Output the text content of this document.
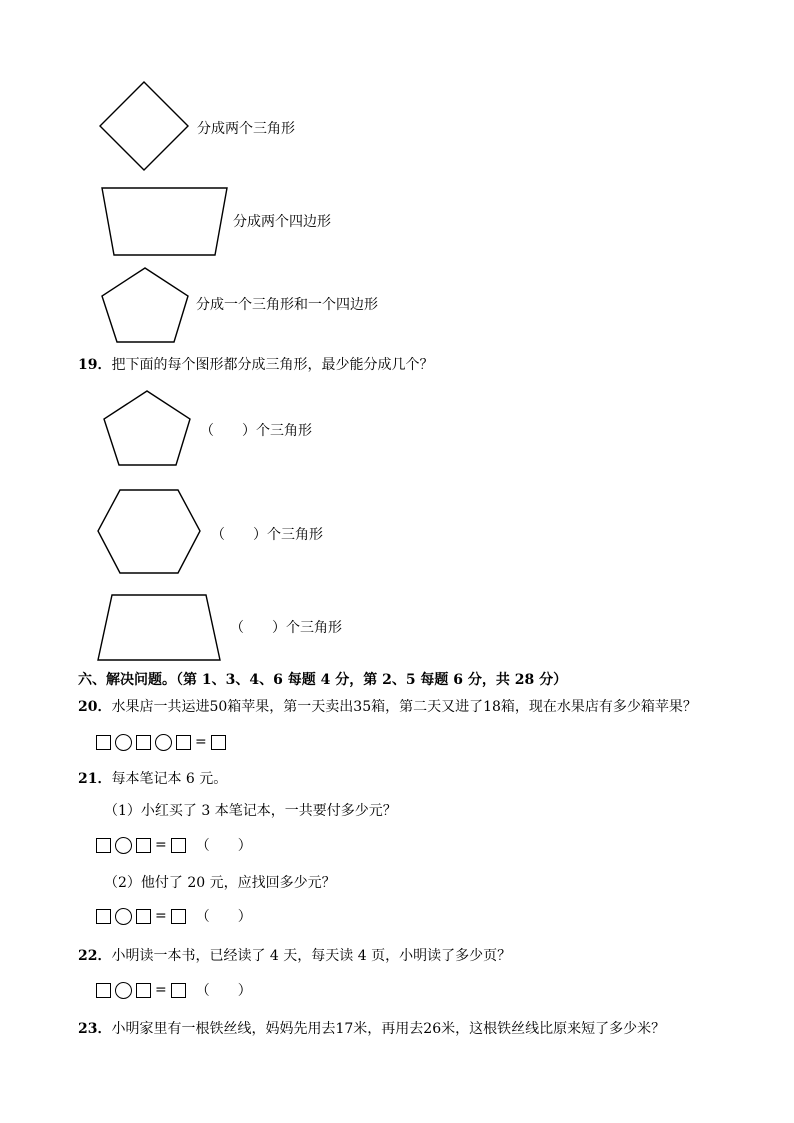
分成两个三角形
分成两个四边形
分成一个三角形和一个四边形
19．把下面的每个图形都分成三角形，最少能分成几个？
（　　）个三角形
（　　）个三角形
（　　）个三角形
六、解决问题。（第 1、3、4、6 每题 4 分，第 2、5 每题 6 分，共 28 分）
20．水果店一共运进50箱苹果，第一天卖出35箱，第二天又进了18箱，现在水果店有多少箱苹果？
=
21．每本笔记本 6 元。
（1）小红买了 3 本笔记本，一共要付多少元？
= （　　）
（2）他付了 20 元，应找回多少元？
= （　　）
22．小明读一本书，已经读了 4 天，每天读 4 页，小明读了多少页？
= （　　）
23．小明家里有一根铁丝线，妈妈先用去17米，再用去26米，这根铁丝线比原来短了多少米？
